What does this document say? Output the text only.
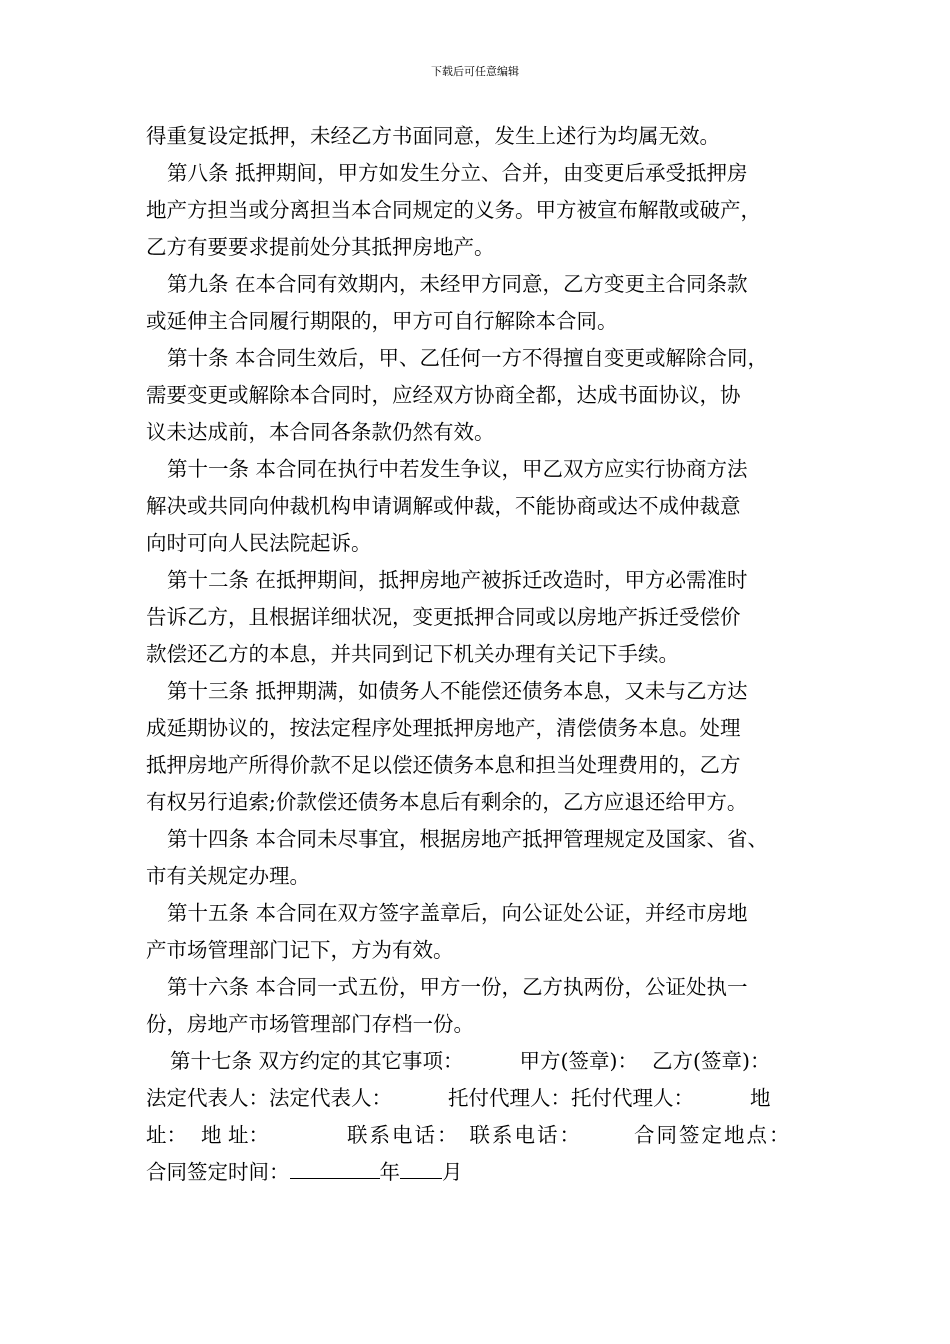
下载后可任意编辑
得重复设定抵押，未经乙方书面同意，发生上述行为均属无效。
第八条 抵押期间，甲方如发生分立、合并，由变更后承受抵押房
地产方担当或分离担当本合同规定的义务。甲方被宣布解散或破产，
乙方有要要求提前处分其抵押房地产。
第九条 在本合同有效期内，未经甲方同意，乙方变更主合同条款
或延伸主合同履行期限的，甲方可自行解除本合同。
第十条 本合同生效后，甲、乙任何一方不得擅自变更或解除合同，
需要变更或解除本合同时，应经双方协商全都，达成书面协议，协
议未达成前，本合同各条款仍然有效。
第十一条 本合同在执行中若发生争议，甲乙双方应实行协商方法
解决或共同向仲裁机构申请调解或仲裁，不能协商或达不成仲裁意
向时可向人民法院起诉。
第十二条 在抵押期间，抵押房地产被拆迁改造时，甲方必需准时
告诉乙方，且根据详细状况，变更抵押合同或以房地产拆迁受偿价
款偿还乙方的本息，并共同到记下机关办理有关记下手续。
第十三条 抵押期满，如债务人不能偿还债务本息，又未与乙方达
成延期协议的，按法定程序处理抵押房地产，清偿债务本息。处理
抵押房地产所得价款不足以偿还债务本息和担当处理费用的，乙方
有权另行追索;价款偿还债务本息后有剩余的，乙方应退还给甲方。
第十四条 本合同未尽事宜，根据房地产抵押管理规定及国家、省、
市有关规定办理。
第十五条 本合同在双方签字盖章后，向公证处公证，并经市房地
产市场管理部门记下，方为有效。
第十六条 本合同一式五份，甲方一份，乙方执两份，公证处执一
份，房地产市场管理部门存档一份。
第十七条 双方约定的其它事项：	甲方(签章)： 乙方(签章)：
法定代表人：法定代表人：	托付代理人：托付代理人：	地
址： 地 址：	联系电话： 联系电话：	合同签定地点：
合同签定时间：	年 月
